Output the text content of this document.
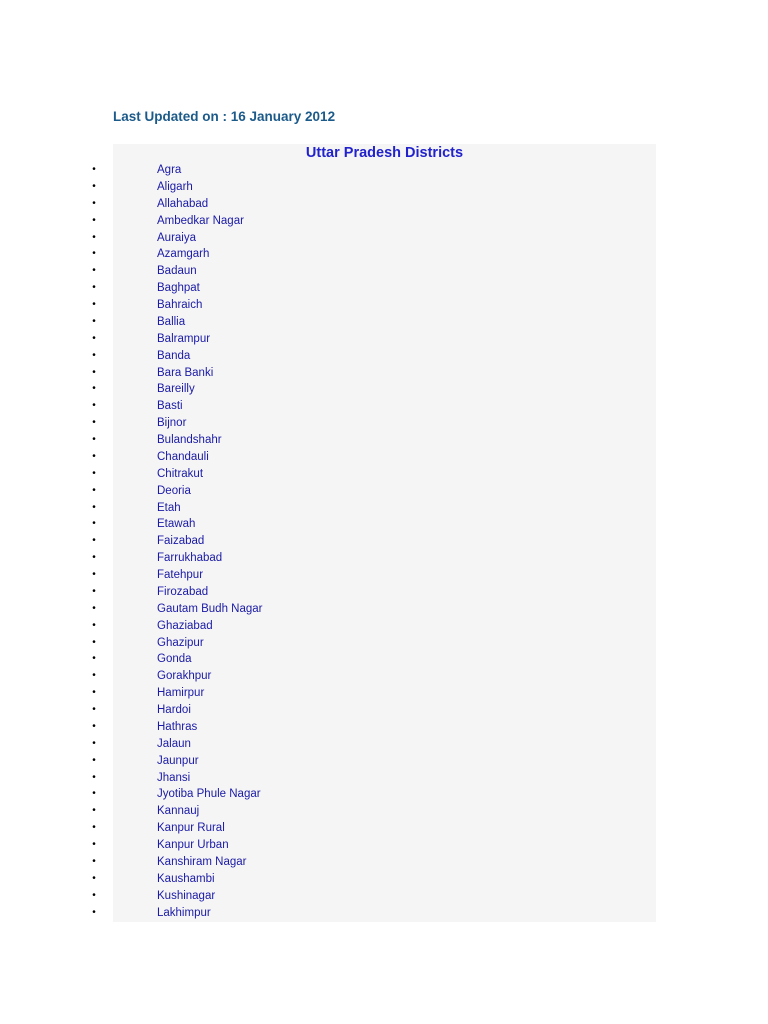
Last Updated on : 16 January 2012
Uttar Pradesh Districts
•	Agra
•	Aligarh
•	Allahabad
•	Ambedkar Nagar
•	Auraiya
•	Azamgarh
•	Badaun
•	Baghpat
•	Bahraich
•	Ballia
•	Balrampur
•	Banda
•	Bara Banki
•	Bareilly
•	Basti
•	Bijnor
•	Bulandshahr
•	Chandauli
•	Chitrakut
•	Deoria
•	Etah
•	Etawah
•	Faizabad
•	Farrukhabad
•	Fatehpur
•	Firozabad
•	Gautam Budh Nagar
•	Ghaziabad
•	Ghazipur
•	Gonda
•	Gorakhpur
•	Hamirpur
•	Hardoi
•	Hathras
•	Jalaun
•	Jaunpur
•	Jhansi
•	Jyotiba Phule Nagar
•	Kannauj
•	Kanpur Rural
•	Kanpur Urban
•	Kanshiram Nagar
•	Kaushambi
•	Kushinagar
•	Lakhimpur
